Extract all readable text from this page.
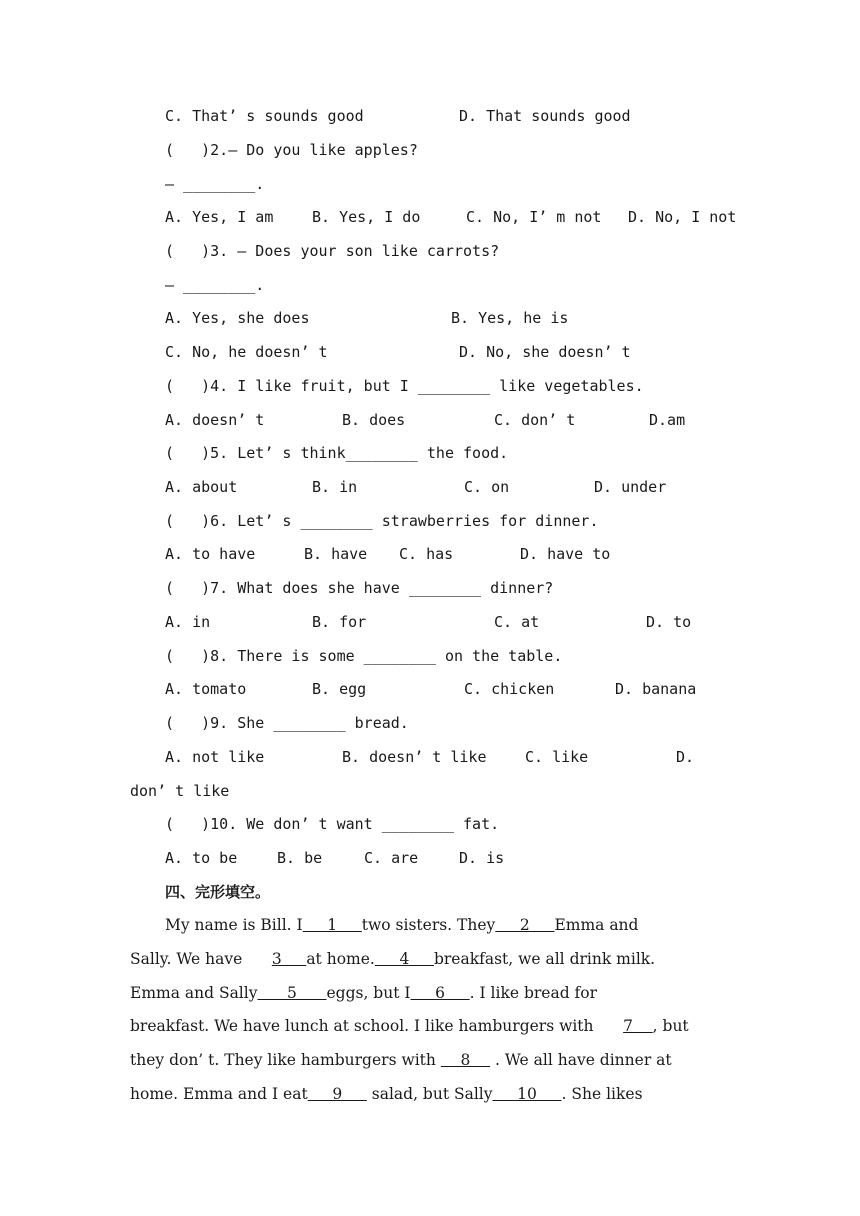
C. That’ s sounds good	D. That sounds good
(   )2.— Do you like apples?
— ________.
A. Yes, I am	B. Yes, I do	C. No, I’ m not D. No, I not
(   )3. — Does your son like carrots?
— ________.
A. Yes, she does	B. Yes, he is
C. No, he doesn’ t	D. No, she doesn’ t
(   )4. I like fruit, but I ________ like vegetables.
A. doesn’ t	B. does	C. don’ t	D.am
(   )5. Let’ s think________ the food.
A. about	B. in	C. on	D. under
(   )6. Let’ s ________ strawberries for dinner.
A. to have	B. have C. has	D. have to
(   )7. What does she have ________ dinner?
A. in	B. for	C. at	D. to
(   )8. There is some ________ on the table.
A. tomato	B. egg	C. chicken	D. banana
(   )9. She ________ bread.
A. not like	B. doesn’ t like	C. like	D.
don’ t like
(   )10. We don’ t want ________ fat.
A. to be	B. be	C. are	D. is
四、完形填空。
My name is Bill. I     1     two sisters. They     2     Emma and
Sally. We have      3     at home.     4     breakfast, we all drink milk.
Emma and Sally      5      eggs, but I     6     . I like bread for
breakfast. We have lunch at school. I like hamburgers with      7    , but
they don’ t. They like hamburgers with     8     . We all have dinner at
home. Emma and I eat     9      salad, but Sally     10     . She likes
